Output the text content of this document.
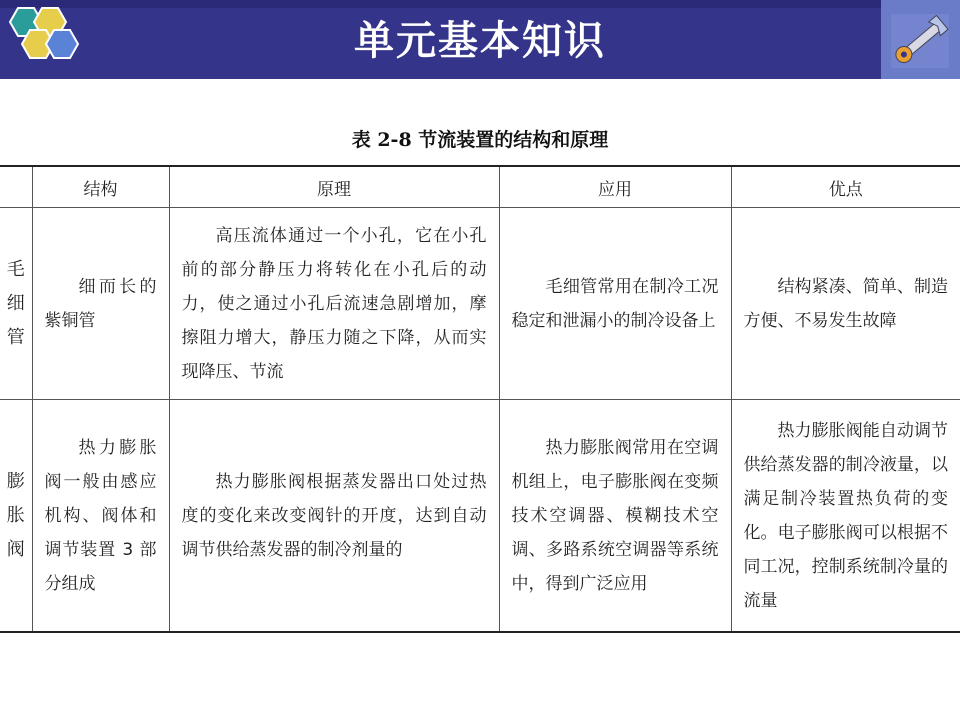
单元基本知识
表 2-8 节流装置的结构和原理
	结构	原理	应用	优点

毛
细
管	细而长的紫铜管	高压流体通过一个小孔，它在小孔前的部分静压力将转化在小孔后的动力，使之通过小孔后流速急剧增加，摩擦阻力增大，静压力随之下降，从而实现降压、节流	毛细管常用在制冷工况稳定和泄漏小的制冷设备上	结构紧凑、简单、制造方便、不易发生故障

膨
胀
阀	热力膨胀阀一般由感应机构、阀体和调节装置 3 部分组成	热力膨胀阀根据蒸发器出口处过热度的变化来改变阀针的开度，达到自动调节供给蒸发器的制冷剂量的	热力膨胀阀常用在空调机组上，电子膨胀阀在变频技术空调器、模糊技术空调、多路系统空调器等系统中，得到广泛应用	热力膨胀阀能自动调节供给蒸发器的制冷液量，以满足制冷装置热负荷的变化。电子膨胀阀可以根据不同工况，控制系统制冷量的流量
